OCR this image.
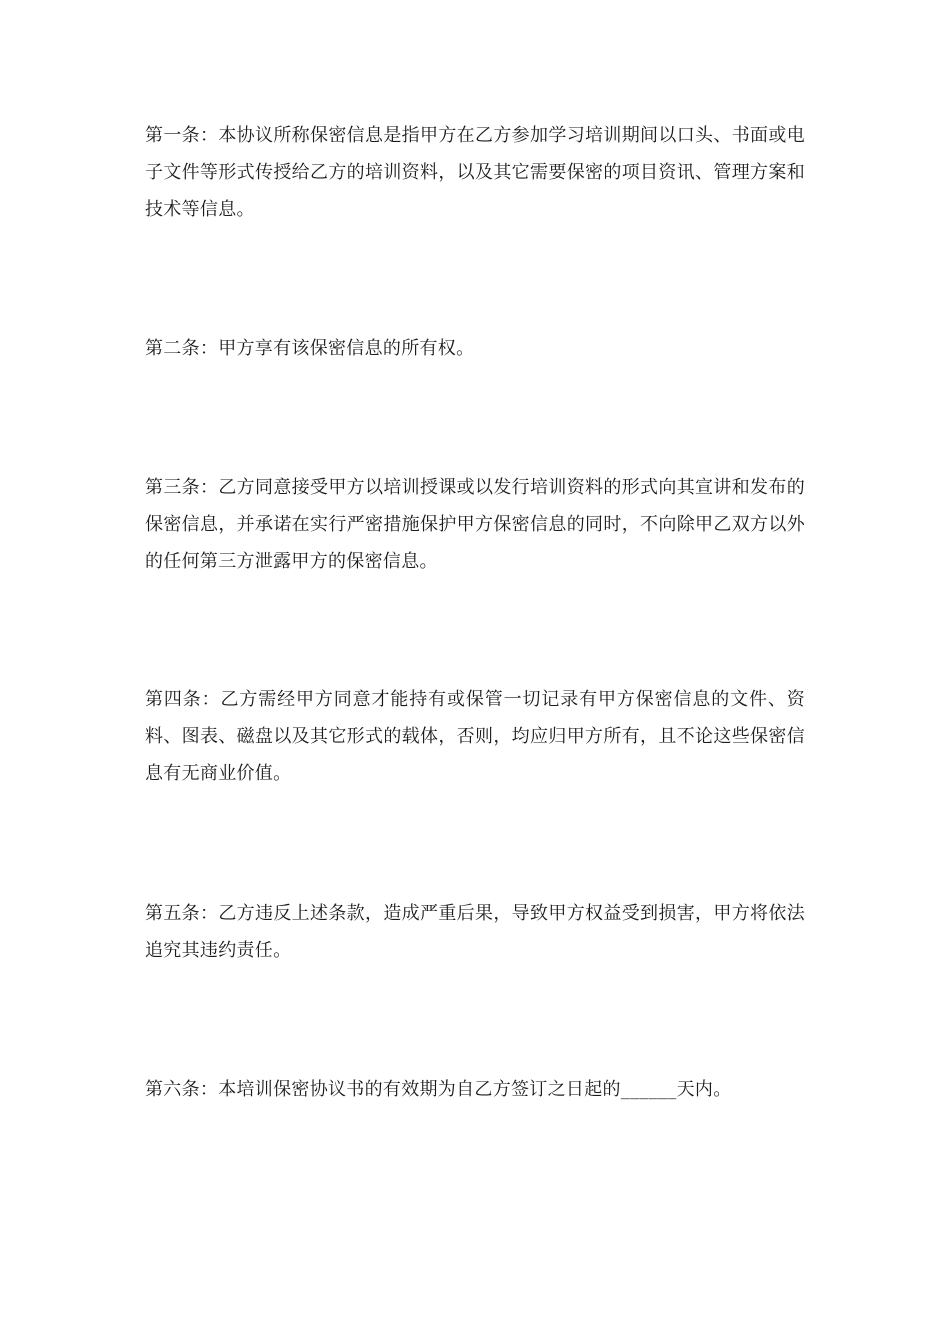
第一条：本协议所称保密信息是指甲方在乙方参加学习培训期间以口头、书面或电子文件等形式传授给乙方的培训资料，以及其它需要保密的项目资讯、管理方案和技术等信息。

第二条：甲方享有该保密信息的所有权。

第三条：乙方同意接受甲方以培训授课或以发行培训资料的形式向其宣讲和发布的保密信息，并承诺在实行严密措施保护甲方保密信息的同时，不向除甲乙双方以外的任何第三方泄露甲方的保密信息。

第四条：乙方需经甲方同意才能持有或保管一切记录有甲方保密信息的文件、资料、图表、磁盘以及其它形式的载体，否则，均应归甲方所有，且不论这些保密信息有无商业价值。

第五条：乙方违反上述条款，造成严重后果，导致甲方权益受到损害，甲方将依法追究其违约责任。

第六条：本培训保密协议书的有效期为自乙方签订之日起的______天内。
